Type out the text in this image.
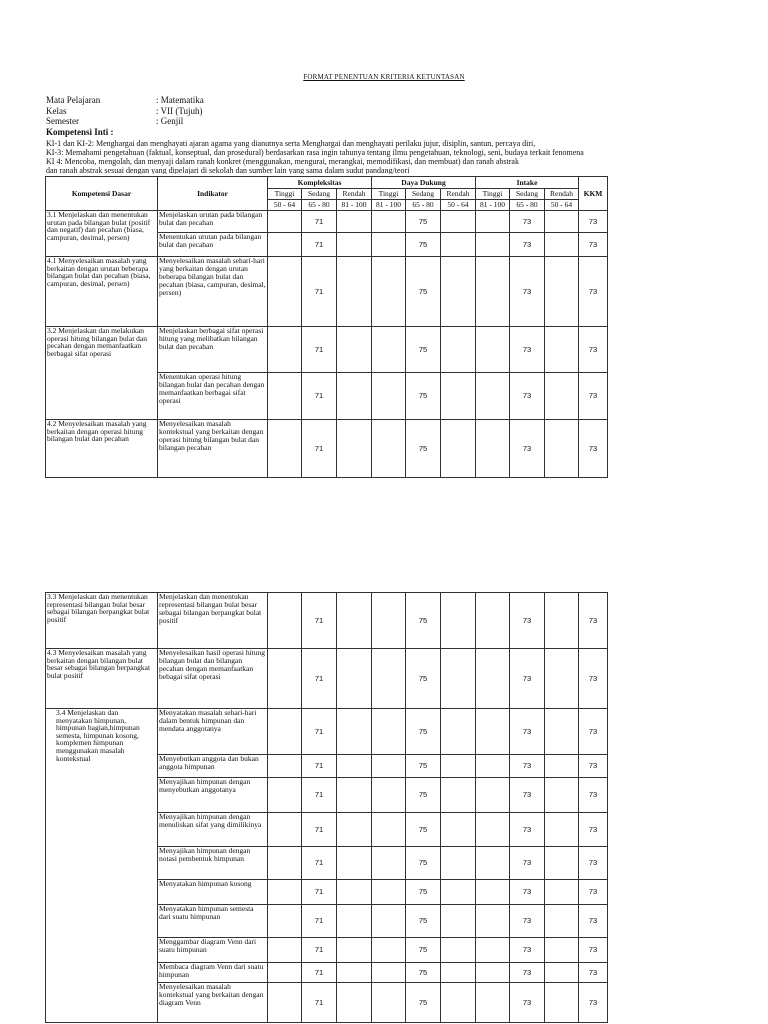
FORMAT PENENTUAN KRITERIA KETUNTASAN
Mata Pelajaran	: Matematika
Kelas	: VII (Tujuh)
Semester	: Genjil
Kompetensi Inti :

KI-1 dan KI-2: Menghargai dan menghayati ajaran agama yang dianutnya serta Menghargai dan menghayati perilaku jujur, disiplin, santun, percaya diri,

KI-3: Memahami pengetahuan (faktual, konseptual, dan prosedural) berdasarkan rasa ingin tahunya tentang ilmu pengetahuan, teknologi, seni, budaya terkait fenomena

KI 4: Mencoba, mengolah, dan menyaji dalam ranah konkret (menggunakan, mengurai, merangkai, memodifikasi, dan membuat) dan ranah abstrak

dan ranah abstrak sesuai dengan yang dipelajari di sekolah dan sumber lain yang sama dalam sudut pandang/teori

Kompetensi Dasar	Indikator	Kompleksitas			Daya Dukung			Intake			KKM
		Tinggi	Sedang	Rendah	Tinggi	Sedang	Rendah	Tinggi	Sedang	Rendah	
		50 - 64	65 - 80	81 - 100	81 - 100	65 - 80	50 - 64	81 - 100	65 - 80	50 - 64	

3.1 Menjelaskan dan menentukan urutan pada bilangan bulat (positif dan negatif) dan pecahan (biasa, campuran, desimal, persen)	Menjelaskan urutan pada bilangan bulat dan pecahan		71			75			73		73

	Menentukan urutan pada bilangan bulat dan pecahan		71			75			73		73

4.1 Menyelesaikan masalah yang berkaitan dengan urutan beberapa bilangan bulat dan pecahan (biasa, campuran, desimal, persen)	Menyelesaikan masalah sehari-hari yang berkaitan dengan urutan beberapa bilangan bulat dan pecahan (biasa, campuran, desimal, persen)		71			75			73		73

3.2 Menjelaskan dan melakukan operasi hitung bilangan bulat dan pecahan dengan memanfaatkan berbagai sifat operasi	Menjelaskan berbagai sifat operasi hitung yang melibatkan bilangan bulat dan pecahan		71			75			73		73

	Menentukan operasi hitung bilangan bulat dan pecahan dengan memanfaatkan berbagai sifat operasi		71			75			73		73

4.2 Menyelesaikan masalah yang berkaitan dengan operasi hitung bilangan bulat dan pecahan	Menyelesaikan masalah kontekstual yang berkaitan dengan operasi hitung bilangan bulat dan bilangan pecahan		71			75			73		73
3.3 Menjelaskan dan menentukan representasi bilangan bulat besar sebagai bilangan berpangkat bulat positif	Menjelaskan dan menentukan representasi bilangan bulat besar sebagai bilangan berpangkat bulat positif		71			75			73		73

4.3 Menyelesaikan masalah yang berkaitan dengan bilangan bulat besar sebagai bilangan berpangkat bulat positif	Menyelesaikan hasil operasi hitung bilangan bulat dan bilangan pecahan dengan memanfaatkan bebagai sifat operasi		71			75			73		73

3.4 Menjelaskan dan menyatakan himpunan, himpunan bagian,himpunan semesta, himpunan kosong, komplemen himpunan menggunakan masalah kontekstual	Menyatakan masalah sehari-hari dalam bentuk himpunan dan mendata anggotanya		71			75			73		73

	Menyebutkan anggota dan bukan anggota himpunan		71			75			73		73

	Menyajikan himpunan dengan menyebutkan anggotanya		71			75			73		73

	Menyajikan himpunan dengan menuliskan sifat yang dimilikinya		71			75			73		73

	Menyajikan himpunan dengan notasi pembentuk himpunan		71			75			73		73

	Menyatakan himpunan kosong		71			75			73		73

	Menyatakan himpunan semesta dari suatu himpunan		71			75			73		73

	Menggambar diagram Venn dari suatu himpunan		71			75			73		73

	Membaca diagram Venn dari suatu himpunan		71			75			73		73

	Menyelesaikan masalah kontekstual yang berkaitan dengan diagram Venn		71			75			73		73
